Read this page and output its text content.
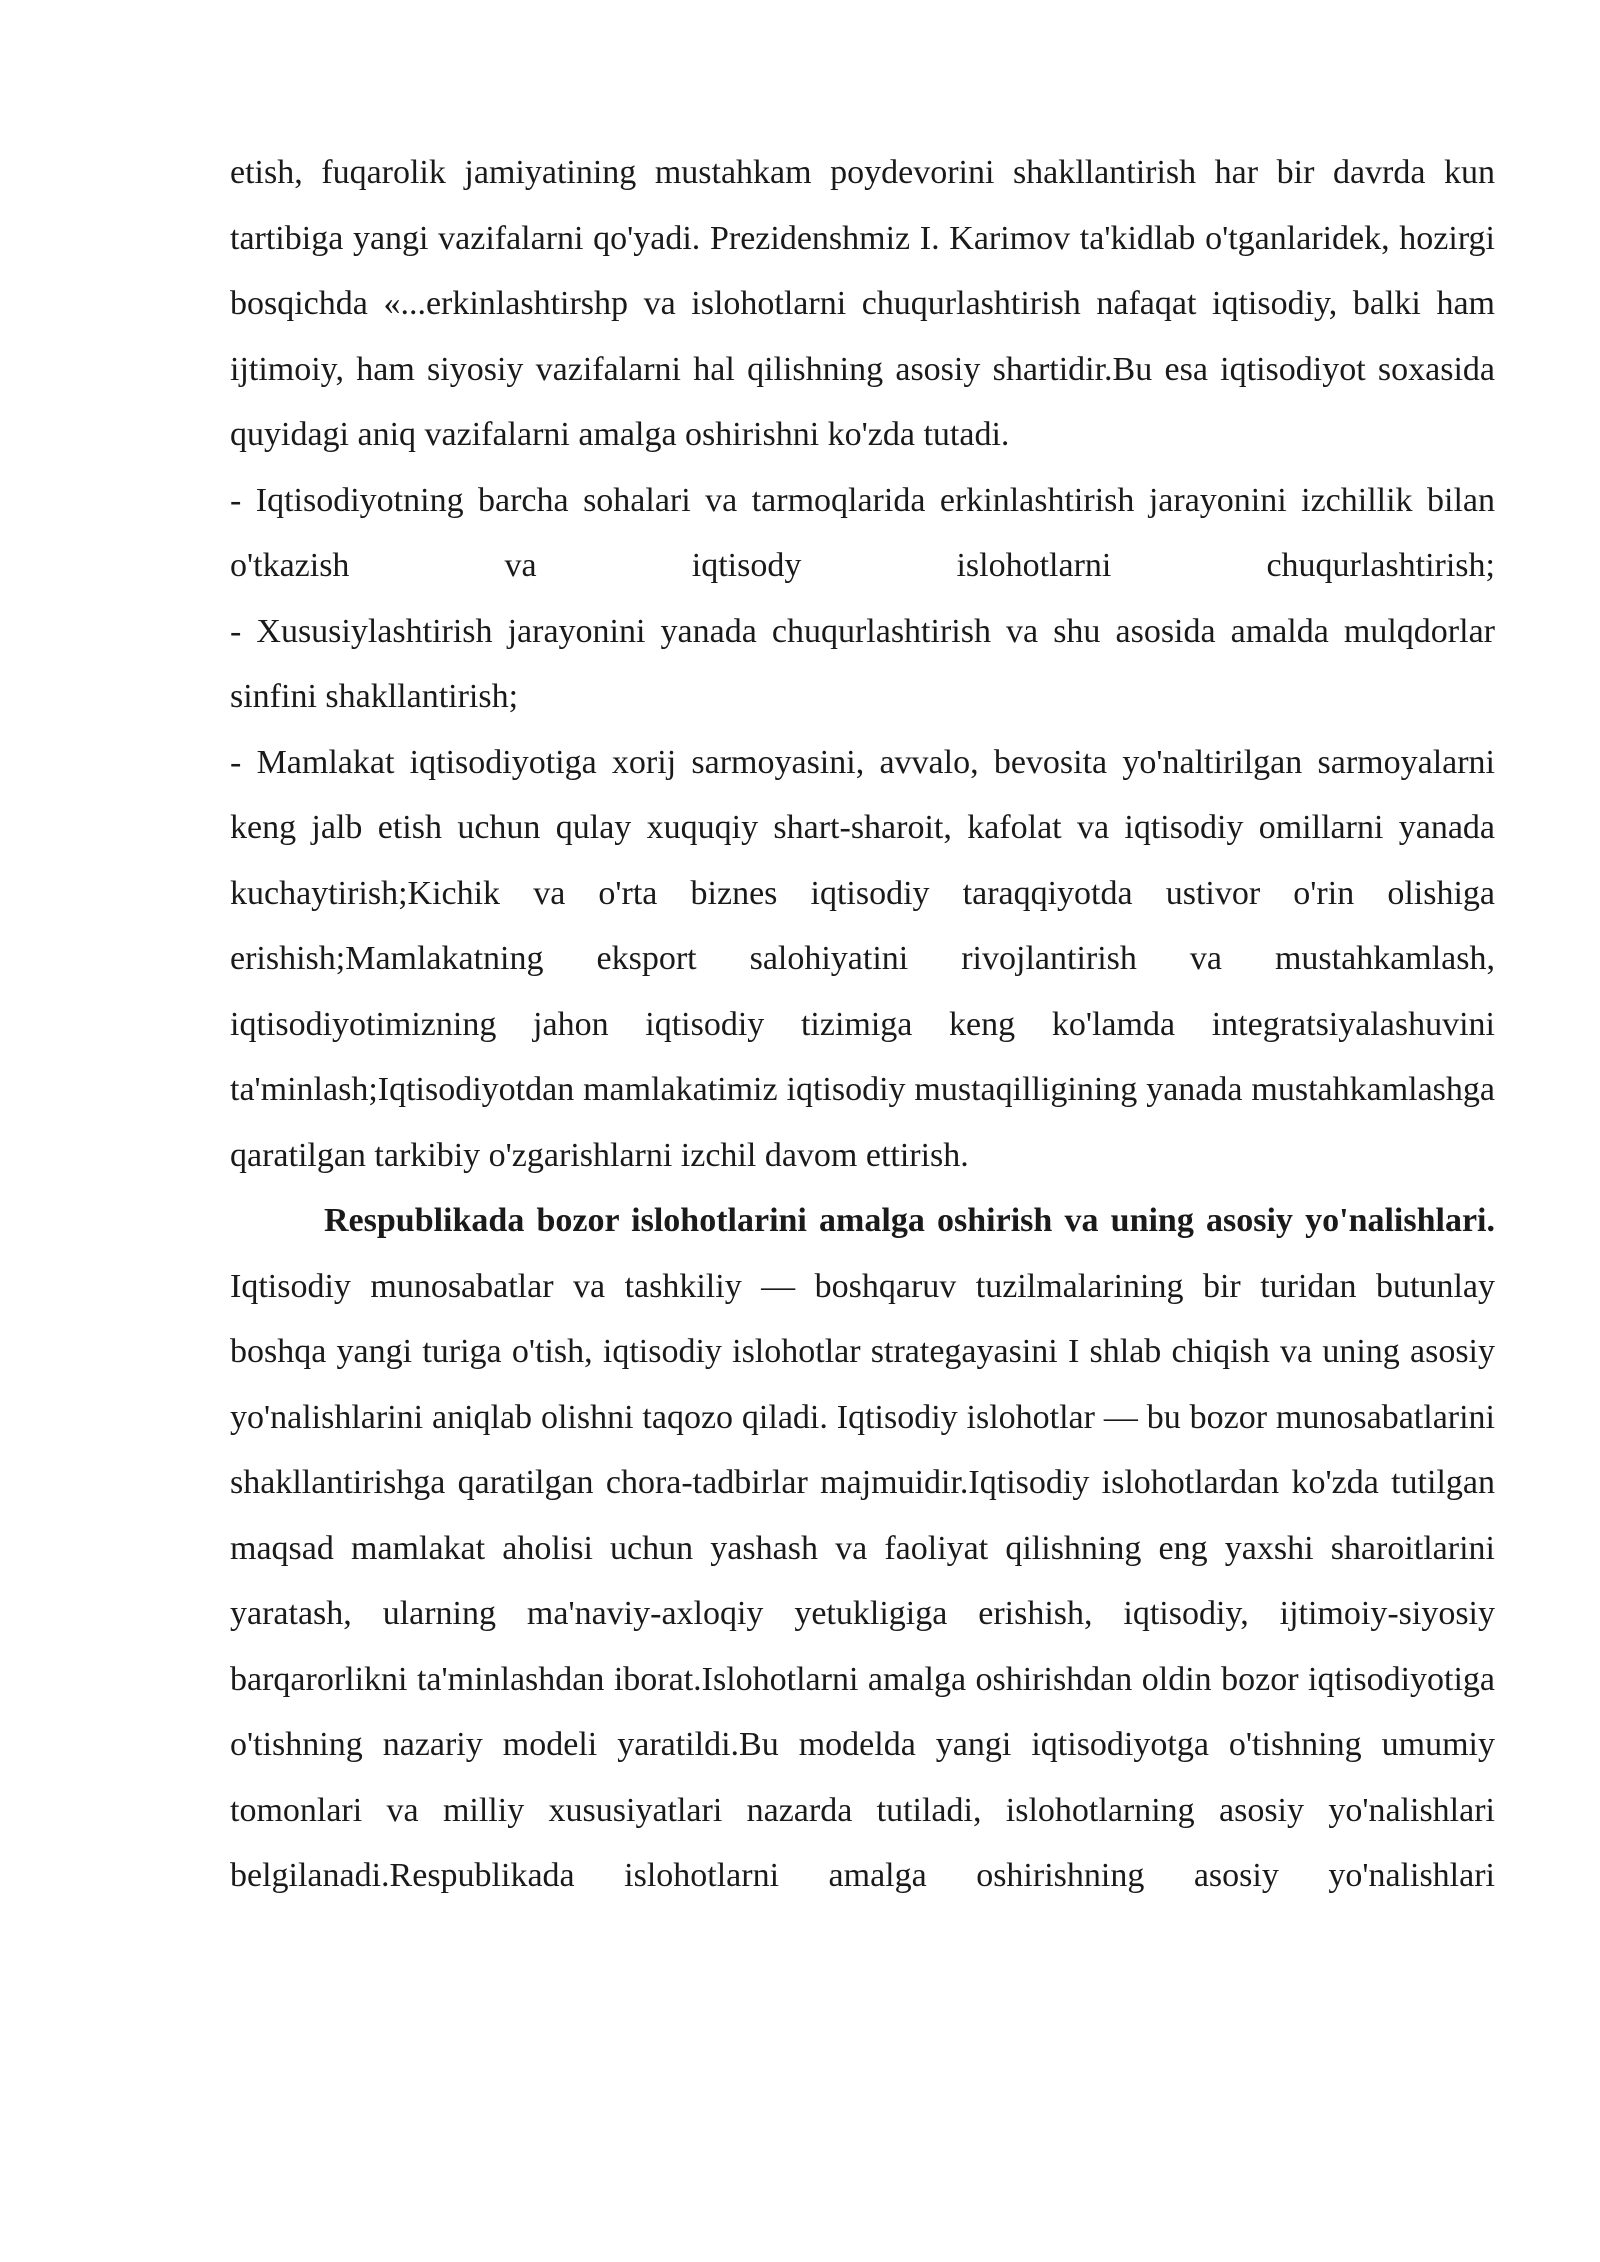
etish, fuqarolik jamiyatining mustahkam poydevorini shakllantirish har bir davrda kun tartibiga yangi vazifalarni qo'yadi. Prezidenshmiz I. Karimov ta'kidlab o'tganlaridek, hozirgi bosqichda «...erkinlashtirshp va islohotlarni chuqurlashtirish nafaqat iqtisodiy, balki ham ijtimoiy, ham siyosiy vazifalarni hal qilishning asosiy shartidir.Bu esa iqtisodiyot soxasida quyidagi aniq vazifalarni amalga oshirishni ko'zda tutadi.

- Iqtisodiyotning barcha sohalari va tarmoqlarida erkinlashtirish jarayonini izchillik bilan o'tkazish va iqtisody islohotlarni chuqurlashtirish;

- Xususiylashtirish jarayonini yanada chuqurlashtirish va shu asosida amalda mulqdorlar sinfini shakllantirish;

- Mamlakat iqtisodiyotiga xorij sarmoyasini, avvalo, bevosita yo'naltirilgan sarmoyalarni keng jalb etish uchun qulay xuquqiy shart-sharoit, kafolat va iqtisodiy omillarni yanada kuchaytirish;Kichik va o'rta biznes iqtisodiy taraqqiyotda ustivor o'rin olishiga erishish;Mamlakatning eksport salohiyatini rivojlantirish va mustahkamlash, iqtisodiyotimizning jahon iqtisodiy tizimiga keng ko'lamda integratsiyalashuvini ta'minlash;Iqtisodiyotdan mamlakatimiz iqtisodiy mustaqilligining yanada mustahkamlashga qaratilgan tarkibiy o'zgarishlarni izchil davom ettirish.

Respublikada bozor islohotlarini amalga oshirish va uning asosiy yo'nalishlari. Iqtisodiy munosabatlar va tashkiliy — boshqaruv tuzilmalarining bir turidan butunlay boshqa yangi turiga o'tish, iqtisodiy islohotlar strategayasini I shlab chiqish va uning asosiy yo'nalishlarini aniqlab olishni taqozo qiladi. Iqtisodiy islohotlar — bu bozor munosabatlarini shakllantirishga qaratilgan chora-tadbirlar majmuidir.Iqtisodiy islohotlardan ko'zda tutilgan maqsad mamlakat aholisi uchun yashash va faoliyat qilishning eng yaxshi sharoitlarini yaratash, ularning ma'naviy-axloqiy yetukligiga erishish, iqtisodiy, ijtimoiy-siyosiy barqarorlikni ta'minlashdan iborat.Islohotlarni amalga oshirishdan oldin bozor iqtisodiyotiga o'tishning nazariy modeli yaratildi.Bu modelda yangi iqtisodiyotga o'tishning umumiy tomonlari va milliy xususiyatlari nazarda tutiladi, islohotlarning asosiy yo'nalishlari belgilanadi.Respublikada islohotlarni amalga oshirishning asosiy yo'nalishlari
